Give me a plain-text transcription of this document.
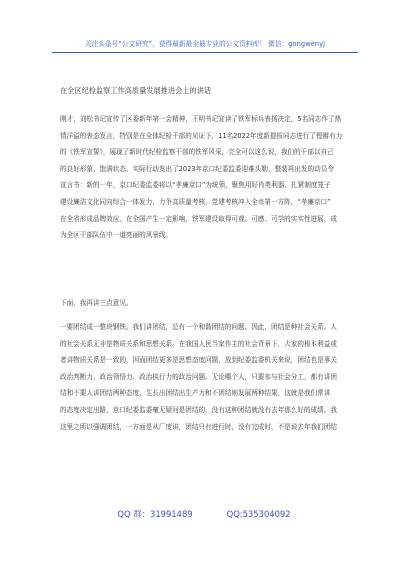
关注头条号“公文研究”，获得最新最全最专业的公文资料库！ 微信：gongwenyj
在全区纪检监察工作高质量发展推进会上的讲话
刚才，刘松书记宣传了区委新年第一会精神，王明书记宣读了铁军标兵表扬决定，5名同志作了热
情洋溢的表态发言，特别是在全体纪检干部的见证下，11名2022年度新提拔同志进行了铿锵有力
的《铁军宣誓》，展现了新时代纪检监察干部的铁军风采，完全可以这么说，我们的干部以自己
的良好形象、饱满状态、实际行动发出了2023年京口纪委监委迎难头勒，整装再出发的动员令
宣言书：新的一年，京口纪委监委将以“孝廉京口”为统领，聚焦用好肖勇利器、扎紧制度笼子
建设廉洁文化同向综合一体发力，力争高质量考核、党建考核冲入全市第一方阵，“孝廉京口”
在全省形成品牌效应、在全国产生一定影响，铁军建设取得可观、可感、可学的实实性进展，成
为全区干部队伍中一道亮丽的风景线。
下面，我再讲三点意见。
一要团结成一整块钢铁。我们讲团结，总有一个和谐团结的问题。因此，团结是种社会关系。人
的社会关系无非是物质关系和思想关系。在我国人民当家作主的社会背景下，大家的根本利益或
者讲物质关系是一致的，因而团结更多是思想态度问题，放到纪委监委机关来说，团结也是事关
政治判断力、政治领悟力、政治执行力的政治问题。无论哪个人，只要参与社会分工，都有讲团
结和不要人讲团结两种态度，生长出团结出生产力和不团结则发展两种结果，这就是我们常讲
的态度决定出路，京口纪委监委毫无疑问是团结的，没有这种团结就没有去年那么好的成绩。我
这里之所以强调团结，一方面是从厂度讲，团结只有进行时，没有完成时，不是说去年我们团结
QQ 群：31991489	QQ:535304092
